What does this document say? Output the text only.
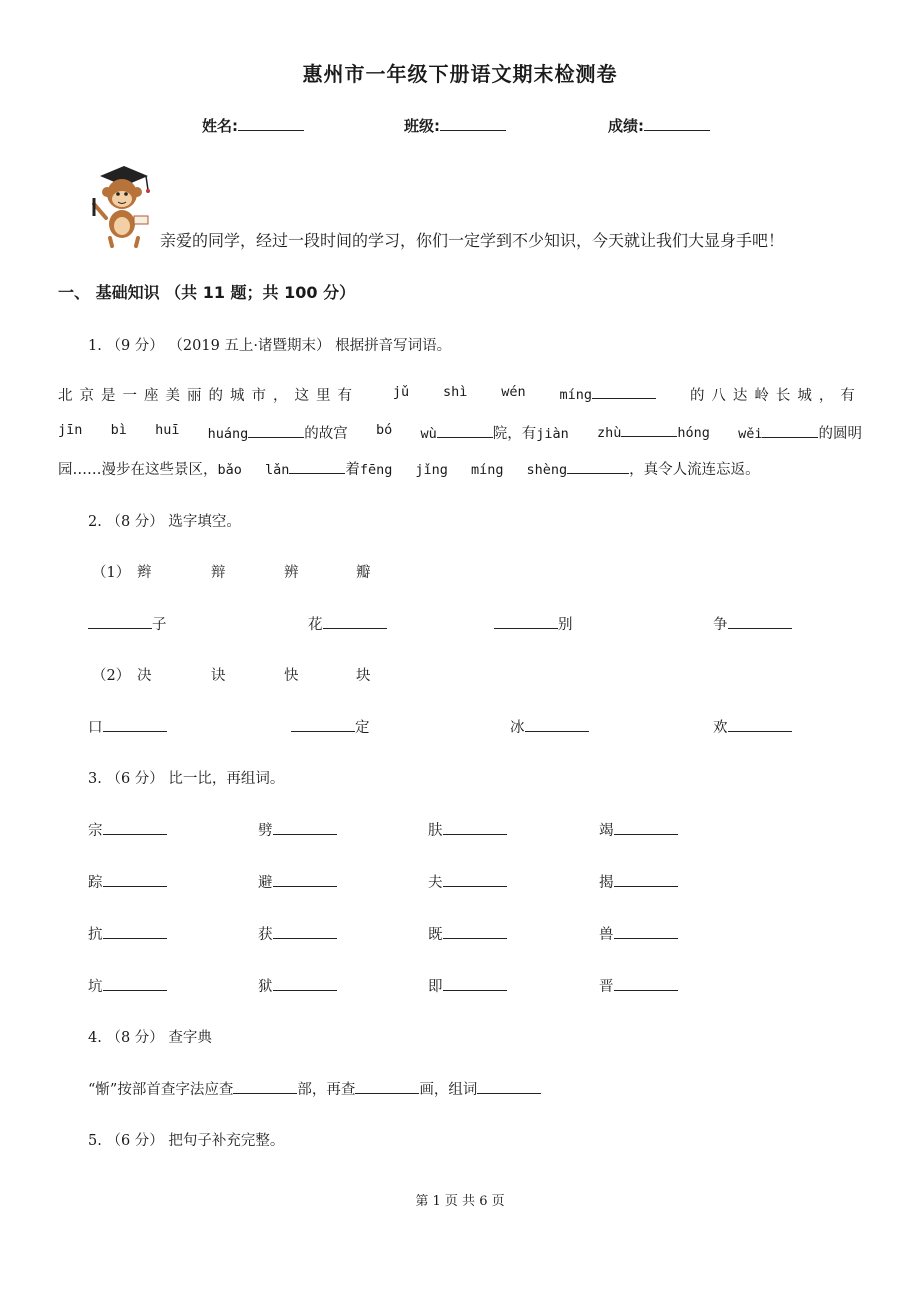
惠州市一年级下册语文期末检测卷
姓名:	班级:	成绩:
亲爱的同学，经过一段时间的学习，你们一定学到不少知识，今天就让我们大显身手吧！
一、 基础知识 （共 11 题；共 100 分）
1. （9 分） （2019 五上·诸暨期末） 根据拼音写词语。
北京是一座美丽的城市，这里有	jǔ	shì	wén	míng	的八达岭长城，有
jīn bì huī huáng	的故宫 bó wù	院，有jiàn zhù	hóng wěi	的圆明
园……漫步在这些景区，bǎo lǎn	着fēng jǐng míng shèng	，真令人流连忘返。
2. （8 分） 选字填空。
（1） 辫	辩	辨	瓣
子	花	别	争
（2） 决	诀	快	块
口	定	冰	欢
3. （6 分） 比一比，再组词。
宗	劈	肤	竭
踪	避	夫	揭
抗	获	既	兽
坑	狱	即	晋
4. （8 分） 查字典
“惭”按部首查字法应查	部，再查	画，组词
5. （6 分） 把句子补充完整。
第 1 页 共 6 页
